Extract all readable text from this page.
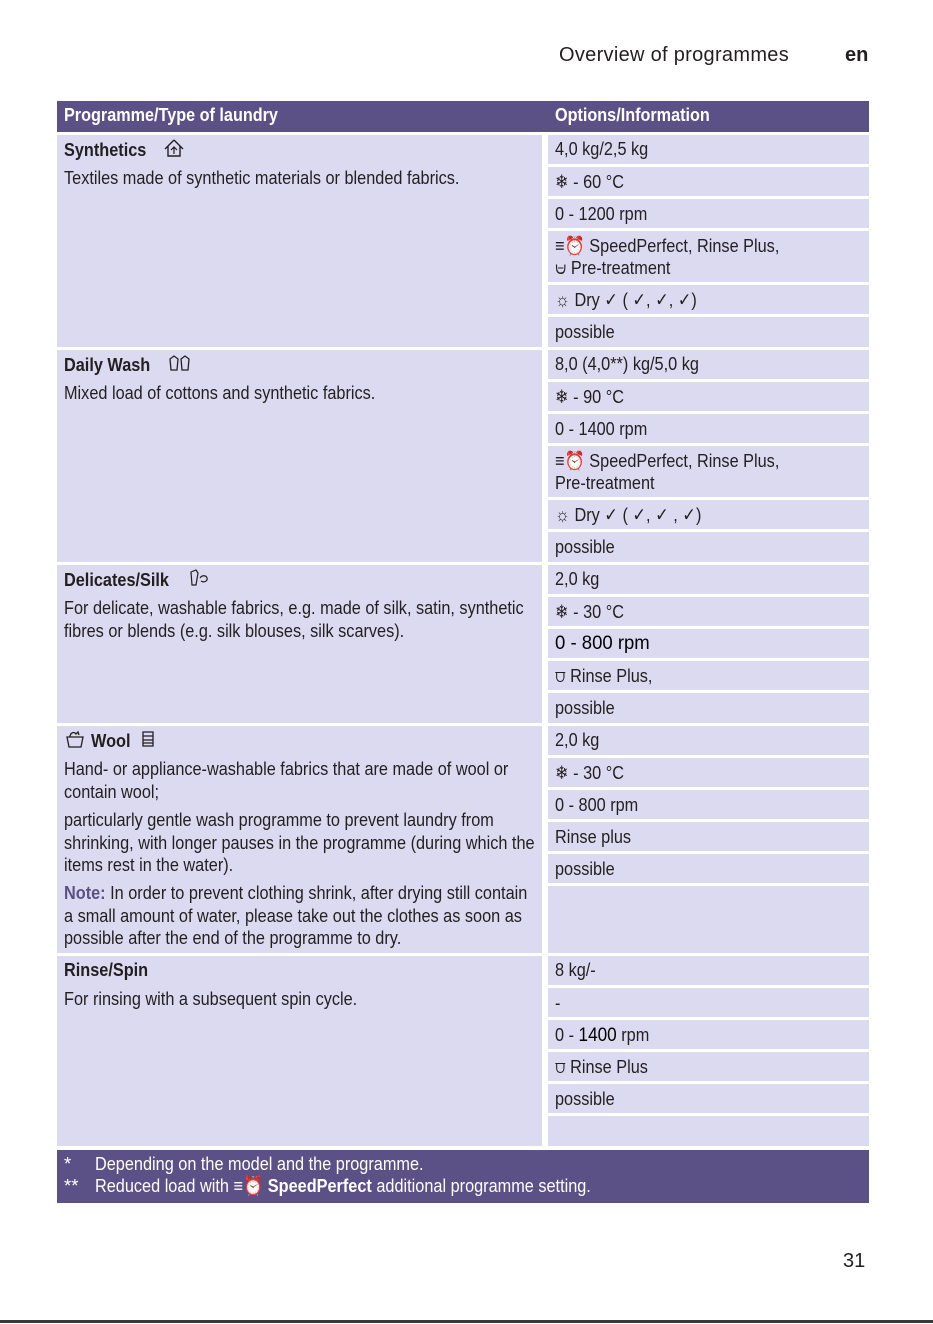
Overview of programmes	en
Programme/Type of laundry	Options/Information
Synthetics
Textiles made of synthetic materials or blended fabrics.
4,0 kg/2,5 kg
❄ - 60 °C
0 - 1200 rpm
≡⏰ SpeedPerfect, Rinse Plus,
⩁ Pre-treatment
☼ Dry ✓ ( ✓, ✓, ✓)
possible
Daily Wash
Mixed load of cottons and synthetic fabrics.
8,0 (4,0**) kg/5,0 kg
❄ - 90 °C
0 - 1400 rpm
≡⏰ SpeedPerfect, Rinse Plus,
Pre-treatment
☼ Dry ✓ ( ✓, ✓ , ✓)
possible
Delicates/Silk
For delicate, washable fabrics, e.g. made of silk, satin, synthetic fibres or blends (e.g. silk blouses, silk scarves).
2,0 kg
❄ - 30 °C
0 - 800 rpm
⩌ Rinse Plus,
possible
Wool
Hand- or appliance-washable fabrics that are made of wool or contain wool;
particularly gentle wash programme to prevent laundry from shrinking, with longer pauses in the programme (during which the items rest in the water).
Note: In order to prevent clothing shrink, after drying still contain a small amount of water, please take out the clothes as soon as possible after the end of the programme to dry.
2,0 kg
❄ - 30 °C
0 - 800 rpm
Rinse plus
possible
Rinse/Spin
For rinsing with a subsequent spin cycle.
8 kg/-
-
0 - 1400 rpm
⩌ Rinse Plus
possible
* Depending on the model and the programme.
** Reduced load with ≡⏰ SpeedPerfect additional programme setting.
31
